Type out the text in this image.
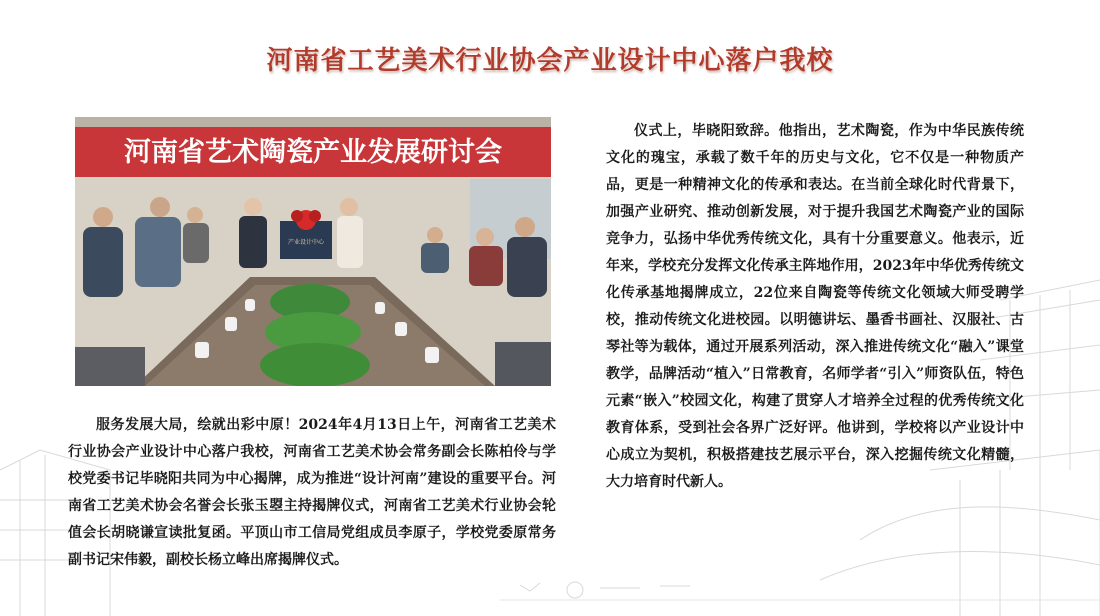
河南省工艺美术行业协会产业设计中心落户我校
河南省艺术陶瓷产业发展研讨会
产业设计中心

服务发展大局，绘就出彩中原！2024年4月13日上午，河南省工艺美术行业协会产业设计中心落户我校，河南省工艺美术协会常务副会长陈柏伶与学校党委书记毕晓阳共同为中心揭牌，成为推进“设计河南”建设的重要平台。河南省工艺美术协会名誉会长张玉曌主持揭牌仪式，河南省工艺美术行业协会轮值会长胡晓谦宣读批复函。平顶山市工信局党组成员李原子，学校党委原常务副书记宋伟毅，副校长杨立峰出席揭牌仪式。

仪式上，毕晓阳致辞。他指出，艺术陶瓷，作为中华民族传统文化的瑰宝，承载了数千年的历史与文化，它不仅是一种物质产品，更是一种精神文化的传承和表达。在当前全球化时代背景下，加强产业研究、推动创新发展，对于提升我国艺术陶瓷产业的国际竞争力，弘扬中华优秀传统文化，具有十分重要意义。他表示，近年来，学校充分发挥文化传承主阵地作用，2023年中华优秀传统文化传承基地揭牌成立，22位来自陶瓷等传统文化领域大师受聘学校，推动传统文化进校园。以明德讲坛、墨香书画社、汉服社、古琴社等为载体，通过开展系列活动，深入推进传统文化“融入”课堂教学，品牌活动“植入”日常教育，名师学者“引入”师资队伍，特色元素“嵌入”校园文化，构建了贯穿人才培养全过程的优秀传统文化教育体系，受到社会各界广泛好评。他讲到，学校将以产业设计中心成立为契机，积极搭建技艺展示平台，深入挖掘传统文化精髓，大力培育时代新人。
